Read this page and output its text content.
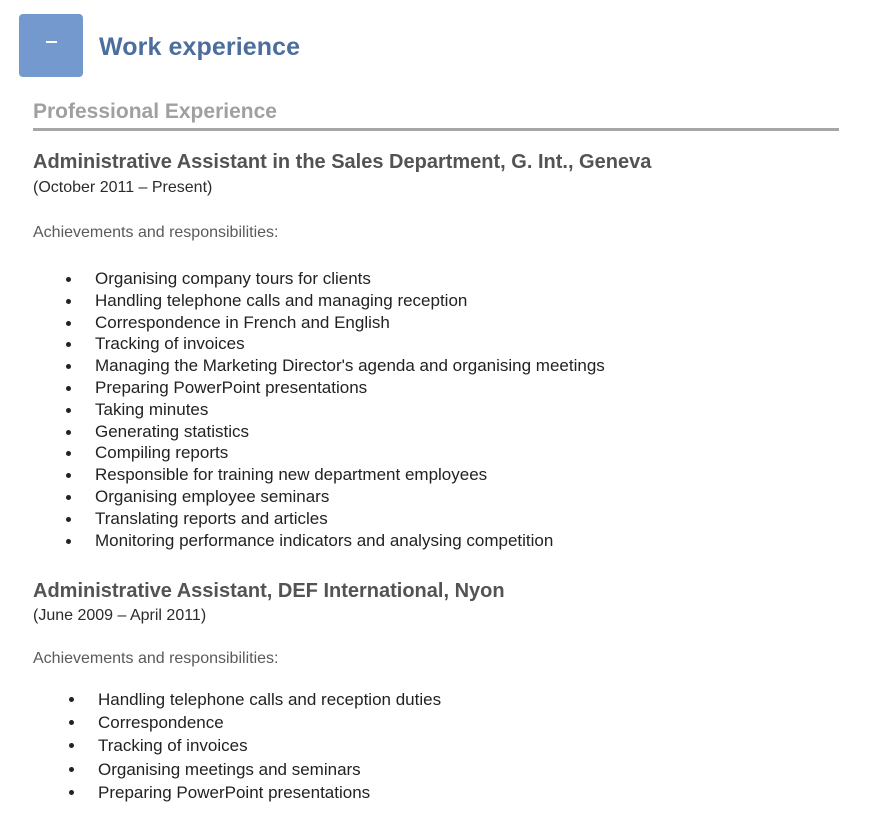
Work experience
Professional Experience
Administrative Assistant in the Sales Department, G. Int., Geneva
(October 2011 – Present)
Achievements and responsibilities:
Organising company tours for clients
Handling telephone calls and managing reception
Correspondence in French and English
Tracking of invoices
Managing the Marketing Director's agenda and organising meetings
Preparing PowerPoint presentations
Taking minutes
Generating statistics
Compiling reports
Responsible for training new department employees
Organising employee seminars
Translating reports and articles
Monitoring performance indicators and analysing competition
Administrative Assistant, DEF International, Nyon
(June 2009 – April 2011)
Achievements and responsibilities:
Handling telephone calls and reception duties
Correspondence
Tracking of invoices
Organising meetings and seminars
Preparing PowerPoint presentations
